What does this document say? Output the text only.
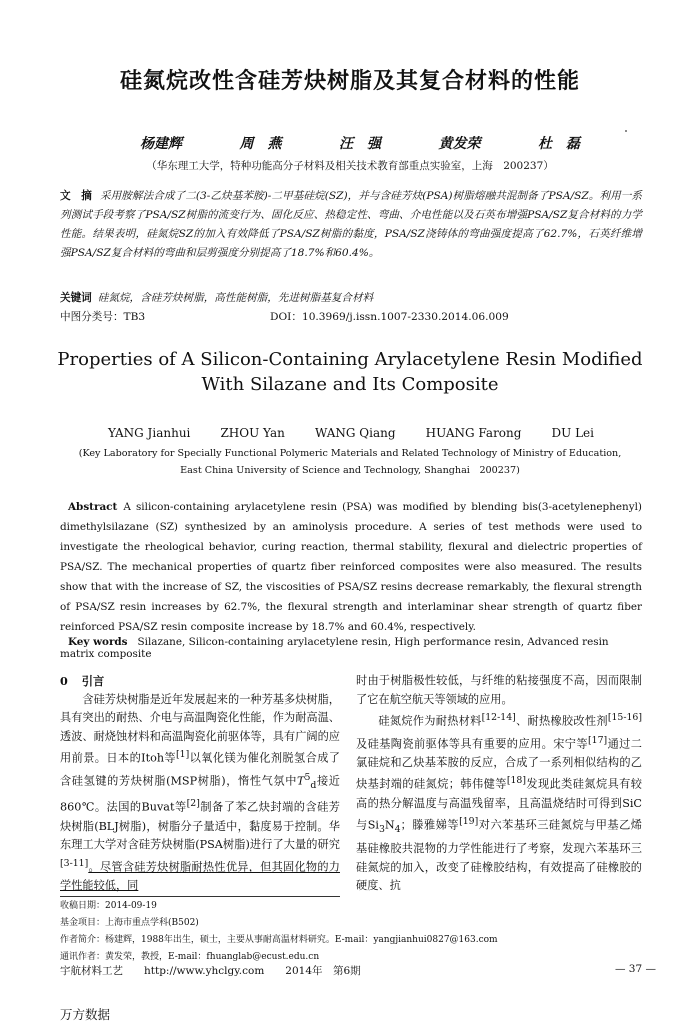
硅氮烷改性含硅芳炔树脂及其复合材料的性能
杨建辉	周　燕	汪　强	黄发荣	杜　磊
（华东理工大学，特种功能高分子材料及相关技术教育部重点实验室，上海　200237）
文　摘 采用胺解法合成了二(3-乙炔基苯胺)-二甲基硅烷(SZ)，并与含硅芳炔(PSA)树脂熔融共混制备了PSA/SZ。利用一系列测试手段考察了PSA/SZ树脂的流变行为、固化反应、热稳定性、弯曲、介电性能以及石英布增强PSA/SZ复合材料的力学性能。结果表明，硅氮烷SZ的加入有效降低了PSA/SZ树脂的黏度，PSA/SZ浇铸体的弯曲强度提高了62.7%，石英纤维增强PSA/SZ复合材料的弯曲和层剪强度分别提高了18.7%和60.4%。
关键词 硅氮烷，含硅芳炔树脂，高性能树脂，先进树脂基复合材料
中图分类号：TB3	DOI：10.3969/j.issn.1007-2330.2014.06.009
Properties of A Silicon-Containing Arylacetylene Resin Modified
With Silazane and Its Composite
YANG Jianhui	ZHOU Yan	WANG Qiang	HUANG Farong	DU Lei
(Key Laboratory for Specially Functional Polymeric Materials and Related Technology of Ministry of Education,
East China University of Science and Technology, Shanghai　200237)
Abstract A silicon-containing arylacetylene resin (PSA) was modified by blending bis(3-acetylenephenyl) dimethylsilazane (SZ) synthesized by an aminolysis procedure. A series of test methods were used to investigate the rheological behavior, curing reaction, thermal stability, flexural and dielectric properties of PSA/SZ. The mechanical properties of quartz fiber reinforced composites were also measured. The results show that with the increase of SZ, the viscosities of PSA/SZ resins decrease remarkably, the flexural strength of PSA/SZ resin increases by 62.7%, the flexural strength and interlaminar shear strength of quartz fiber reinforced PSA/SZ resin composite increase by 18.7% and 60.4%, respectively.
Key words Silazane, Silicon-containing arylacetylene resin, High performance resin, Advanced resin matrix composite
0 引言
含硅芳炔树脂是近年发展起来的一种芳基多炔树脂，具有突出的耐热、介电与高温陶瓷化性能，作为耐高温、透波、耐烧蚀材料和高温陶瓷化前驱体等，具有广阔的应用前景。日本的Itoh等[1]以氧化镁为催化剂脱氢合成了含硅氢键的芳炔树脂(MSP树脂)，惰性气氛中$T^5_d$接近860℃。法国的Buvat等[2]制备了苯乙炔封端的含硅芳炔树脂(BLJ树脂)，树脂分子量适中，黏度易于控制。华东理工大学对含硅芳炔树脂(PSA树脂)进行了大量的研究[3-11]。尽管含硅芳炔树脂耐热性优异，但其固化物的力学性能较低，同
时由于树脂极性较低，与纤维的粘接强度不高，因而限制了它在航空航天等领域的应用。
硅氮烷作为耐热材料[12-14]、耐热橡胶改性剂[15-16]及硅基陶瓷前驱体等具有重要的应用。宋宁等[17]通过二氯硅烷和乙炔基苯胺的反应，合成了一系列相似结构的乙炔基封端的硅氮烷；韩伟健等[18]发现此类硅氮烷具有较高的热分解温度与高温残留率，且高温烧结时可得到SiC与$Si_3N_4$；滕雅娣等[19]对六苯基环三硅氮烷与甲基乙烯基硅橡胶共混物的力学性能进行了考察，发现六苯基环三硅氮烷的加入，改变了硅橡胶结构，有效提高了硅橡胶的硬度、抗
收稿日期：2014-09-19
基金项目：上海市重点学科(B502)
作者简介：杨建辉，1988年出生，硕士，主要从事耐高温材料研究。E-mail：yangjianhui0827@163.com
通讯作者：黄发荣，教授，E-mail：fhuanglab@ecust.edu.cn
宇航材料工艺　　http://www.yhclgy.com　　2014年　第6期	— 37 —
万方数据
